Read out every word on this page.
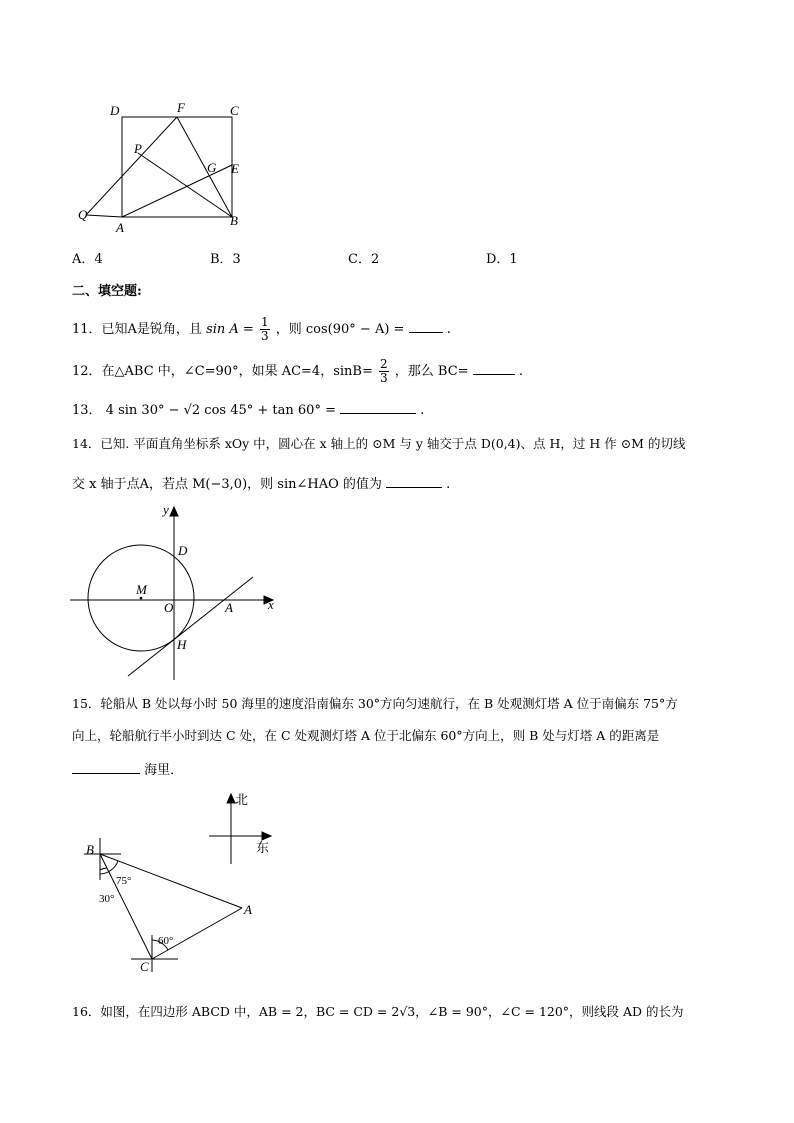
D	F	C
P
G E
Q
A	B
A．4	B．3	C．2	D．1
二、填空题:
11．已知A是锐角，且 $\sin A = \frac{1}{3}$ ，则 cos(90° − A) =	.
12．在△ABC 中，∠C=90°，如果 AC=4，$\sin B= \frac{2}{3}$ ，那么 BC=	.
13． 4 sin 30° − √2 cos 45° + tan 60° =	.
14．已知. 平面直角坐标系 xOy 中，圆心在 x 轴上的 ⊙M 与 y 轴交于点 D(0,4)、点 H，过 H 作 ⊙M 的切线
交 x 轴于点A，若点 M(−3,0)，则 sin∠HAO 的值为	.
y
x
D
M
O	A
H
15．轮船从 B 处以每小时 50 海里的速度沿南偏东 30°方向匀速航行，在 B 处观测灯塔 A 位于南偏东 75°方
向上，轮船航行半小时到达 C 处，在 C 处观测灯塔 A 位于北偏东 60°方向上，则 B 处与灯塔 A 的距离是
海里．
北
东
B
A
C
75°
30°
60°
16．如图，在四边形 ABCD 中，AB = 2，BC = CD = 2√3，∠B = 90°，∠C = 120°，则线段 AD 的长为
